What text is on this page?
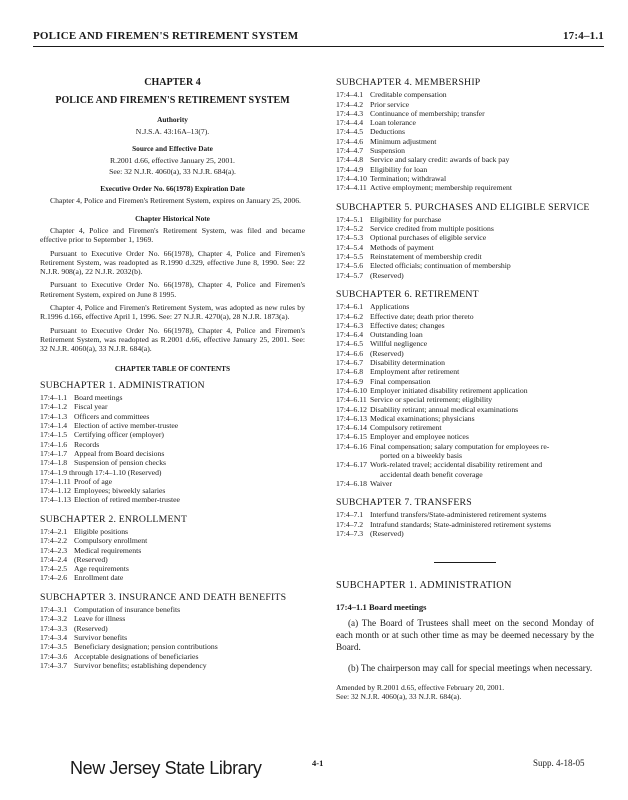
POLICE AND FIREMEN'S RETIREMENT SYSTEM	17:4–1.1
CHAPTER 4
POLICE AND FIREMEN'S RETIREMENT SYSTEM
Authority
N.J.S.A. 43:16A–13(7).
Source and Effective Date
R.2001 d.66, effective January 25, 2001.
See: 32 N.J.R. 4060(a), 33 N.J.R. 684(a).
Executive Order No. 66(1978) Expiration Date

Chapter 4, Police and Firemen's Retirement System, expires on January 25, 2006.

Chapter Historical Note

Chapter 4, Police and Firemen's Retirement System, was filed and became effective prior to September 1, 1969.

Pursuant to Executive Order No. 66(1978), Chapter 4, Police and Firemen's Retirement System, was readopted as R.1990 d.329, effective June 8, 1990. See: 22 N.J.R. 908(a), 22 N.J.R. 2032(b).

Pursuant to Executive Order No. 66(1978), Chapter 4, Police and Firemen's Retirement System, expired on June 8 1995.

Chapter 4, Police and Firemen's Retirement System, was adopted as new rules by R.1996 d.166, effective April 1, 1996. See: 27 N.J.R. 4270(a), 28 N.J.R. 1873(a).

Pursuant to Executive Order No. 66(1978), Chapter 4, Police and Firemen's Retirement System, was readopted as R.2001 d.66, effective January 25, 2001. See: 32 N.J.R. 4060(a), 33 N.J.R. 684(a).

CHAPTER TABLE OF CONTENTS
SUBCHAPTER 1. ADMINISTRATION
17:4–1.1 Board meetings
17:4–1.2 Fiscal year
17:4–1.3 Officers and committees
17:4–1.4 Election of active member-trustee
17:4–1.5 Certifying officer (employer)
17:4–1.6 Records
17:4–1.7 Appeal from Board decisions
17:4–1.8 Suspension of pension checks
17:4–1.9 through 17:4–1.10 (Reserved)
17:4–1.11 Proof of age
17:4–1.12 Employees; biweekly salaries
17:4–1.13 Election of retired member-trustee
SUBCHAPTER 2. ENROLLMENT
17:4–2.1 Eligible positions
17:4–2.2 Compulsory enrollment
17:4–2.3 Medical requirements
17:4–2.4 (Reserved)
17:4–2.5 Age requirements
17:4–2.6 Enrollment date
SUBCHAPTER 3. INSURANCE AND DEATH BENEFITS
17:4–3.1 Computation of insurance benefits
17:4–3.2 Leave for illness
17:4–3.3 (Reserved)
17:4–3.4 Survivor benefits
17:4–3.5 Beneficiary designation; pension contributions
17:4–3.6 Acceptable designations of beneficiaries
17:4–3.7 Survivor benefits; establishing dependency
SUBCHAPTER 4. MEMBERSHIP
17:4–4.1 Creditable compensation
17:4–4.2 Prior service
17:4–4.3 Continuance of membership; transfer
17:4–4.4 Loan tolerance
17:4–4.5 Deductions
17:4–4.6 Minimum adjustment
17:4–4.7 Suspension
17:4–4.8 Service and salary credit: awards of back pay
17:4–4.9 Eligibility for loan
17:4–4.10 Termination; withdrawal
17:4–4.11 Active employment; membership requirement
SUBCHAPTER 5. PURCHASES AND ELIGIBLE SERVICE
17:4–5.1 Eligibility for purchase
17:4–5.2 Service credited from multiple positions
17:4–5.3 Optional purchases of eligible service
17:4–5.4 Methods of payment
17:4–5.5 Reinstatement of membership credit
17:4–5.6 Elected officials; continuation of membership
17:4–5.7 (Reserved)
SUBCHAPTER 6. RETIREMENT
17:4–6.1 Applications
17:4–6.2 Effective date; death prior thereto
17:4–6.3 Effective dates; changes
17:4–6.4 Outstanding loan
17:4–6.5 Willful negligence
17:4–6.6 (Reserved)
17:4–6.7 Disability determination
17:4–6.8 Employment after retirement
17:4–6.9 Final compensation
17:4–6.10 Employer initiated disability retirement application
17:4–6.11 Service or special retirement; eligibility
17:4–6.12 Disability retirant; annual medical examinations
17:4–6.13 Medical examinations; physicians
17:4–6.14 Compulsory retirement
17:4–6.15 Employer and employee notices
17:4–6.16 Final compensation; salary computation for employees re-
ported on a biweekly basis
17:4–6.17 Work-related travel; accidental disability retirement and
accidental death benefit coverage
17:4–6.18 Waiver
SUBCHAPTER 7. TRANSFERS
17:4–7.1 Interfund transfers/State-administered retirement systems
17:4–7.2 Intrafund standards; State-administered retirement systems
17:4–7.3 (Reserved)
SUBCHAPTER 1. ADMINISTRATION
17:4–1.1 Board meetings

(a) The Board of Trustees shall meet on the second Monday of each month or at such other time as may be deemed necessary by the Board.

(b) The chairperson may call for special meetings when necessary.

Amended by R.2001 d.65, effective February 20, 2001.
See: 32 N.J.R. 4060(a), 33 N.J.R. 684(a).
New Jersey State Library	4-1	Supp. 4-18-05
